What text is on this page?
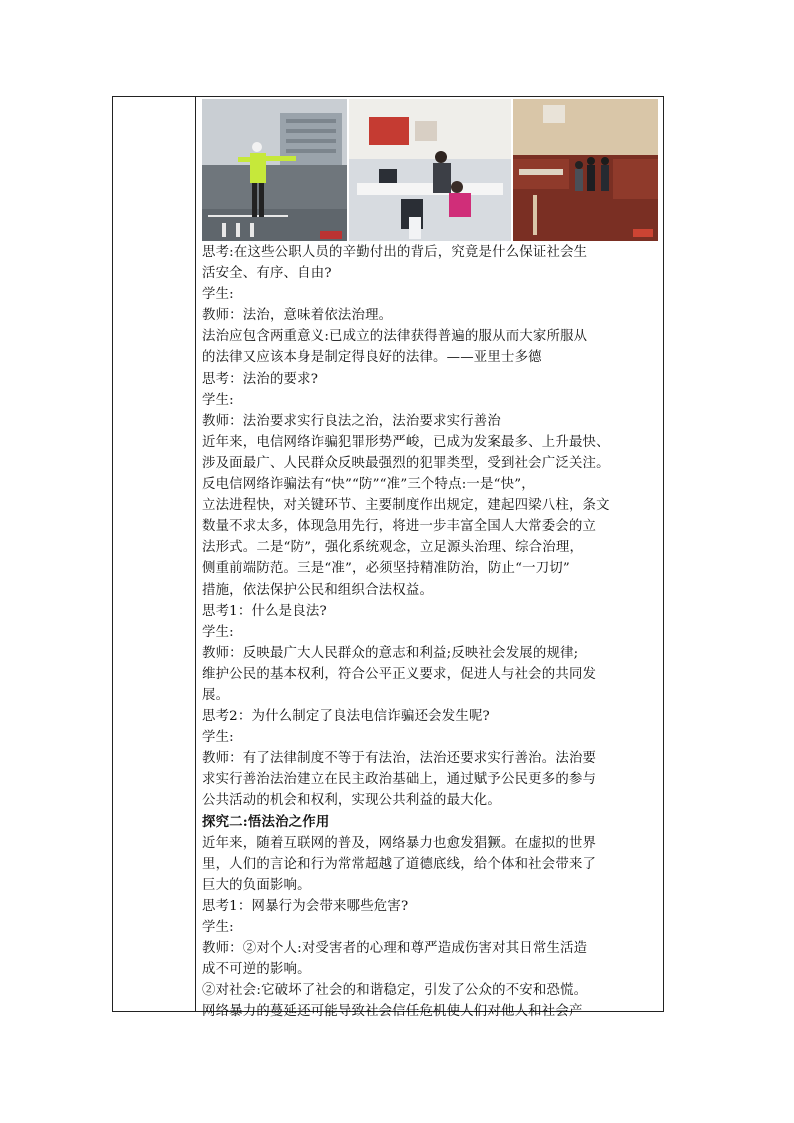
思考:在这些公职人员的辛勤付出的背后，究竟是什么保证社会生

活安全、有序、自由?

学生:

教师：法治，意味着依法治理。

法治应包含两重意义:已成立的法律获得普遍的服从而大家所服从

的法律又应该本身是制定得良好的法律。——亚里士多德

思考：法治的要求?

学生:

教师：法治要求实行良法之治，法治要求实行善治

近年来，电信网络诈骗犯罪形势严峻，已成为发案最多、上升最快、

涉及面最广、人民群众反映最强烈的犯罪类型，受到社会广泛关注。

反电信网络诈骗法有“快”“防”“准”三个特点:一是“快”，

立法进程快，对关键环节、主要制度作出规定，建起四梁八柱，条文

数量不求太多，体现急用先行，将进一步丰富全国人大常委会的立

法形式。二是“防”，强化系统观念，立足源头治理、综合治理，

侧重前端防范。三是“准”，必须坚持精准防治，防止“一刀切”

措施，依法保护公民和组织合法权益。

思考1：什么是良法?

学生:

教师：反映最广大人民群众的意志和利益;反映社会发展的规律;

维护公民的基本权利，符合公平正义要求，促进人与社会的共同发

展。

思考2：为什么制定了良法电信诈骗还会发生呢?

学生:

教师：有了法律制度不等于有法治，法治还要求实行善治。法治要

求实行善治法治建立在民主政治基础上，通过赋予公民更多的参与

公共活动的机会和权利，实现公共利益的最大化。

探究二:悟法治之作用

近年来，随着互联网的普及，网络暴力也愈发猖獗。在虚拟的世界

里，人们的言论和行为常常超越了道德底线，给个体和社会带来了

巨大的负面影响。

思考1：网暴行为会带来哪些危害?

学生:

教师：②对个人:对受害者的心理和尊严造成伤害对其日常生活造

成不可逆的影响。

②对社会:它破坏了社会的和谐稳定，引发了公众的不安和恐慌。

网络暴力的蔓延还可能导致社会信任危机使人们对他人和社会产
